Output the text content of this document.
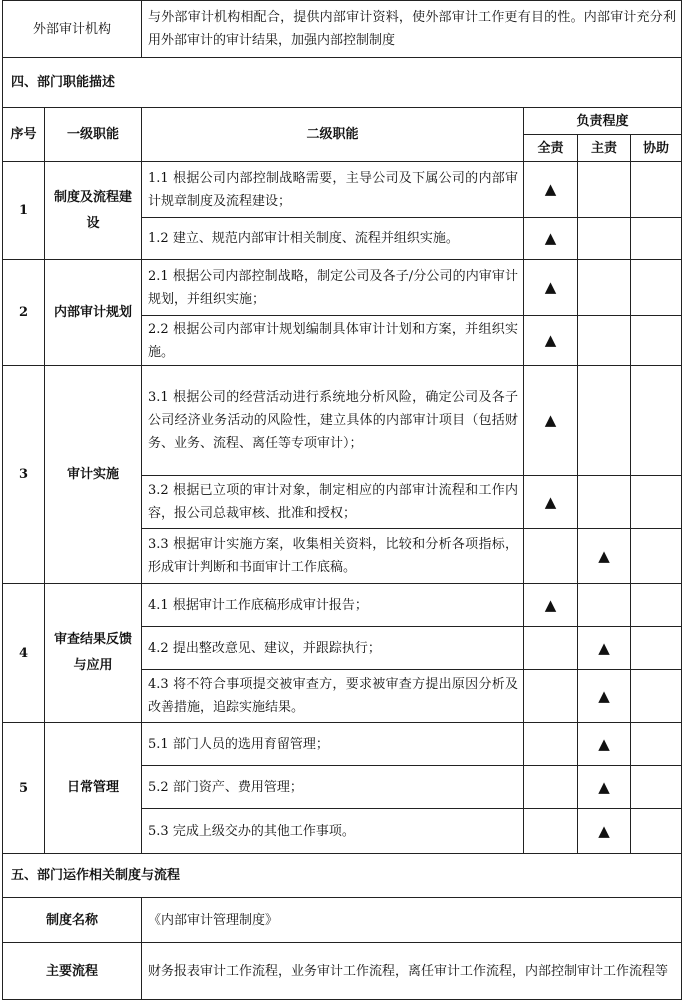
外部审计机构		与外部审计机构相配合，提供内部审计资料，使外部审计工作更有目的性。内部审计充分利用外部审计的审计结果，加强内部控制制度			
四、部门职能描述					
序号	一级职能	二级职能	负责程度		
			全责	主责	协助
1	制度及流程建设	1.1 根据公司内部控制战略需要，主导公司及下属公司的内部审计规章制度及流程建设；	▲		
		1.2 建立、规范内部审计相关制度、流程并组织实施。	▲		
2	内部审计规划	2.1 根据公司内部控制战略，制定公司及各子/分公司的内审审计规划，并组织实施；	▲		
		2.2 根据公司内部审计规划编制具体审计计划和方案，并组织实施。	▲		
3	审计实施	3.1 根据公司的经营活动进行系统地分析风险，确定公司及各子公司经济业务活动的风险性，建立具体的内部审计项目（包括财务、业务、流程、离任等专项审计）；	▲		
		3.2 根据已立项的审计对象，制定相应的内部审计流程和工作内容，报公司总裁审核、批准和授权；	▲		
		3.3 根据审计实施方案，收集相关资料，比较和分析各项指标，形成审计判断和书面审计工作底稿。		▲	
4	审查结果反馈与应用	4.1 根据审计工作底稿形成审计报告；	▲		
		4.2 提出整改意见、建议，并跟踪执行；		▲	
		4.3 将不符合事项提交被审查方，要求被审查方提出原因分析及改善措施，追踪实施结果。		▲	
5	日常管理	5.1 部门人员的选用育留管理；		▲	
		5.2 部门资产、费用管理；		▲	
		5.3 完成上级交办的其他工作事项。		▲	
五、部门运作相关制度与流程					
制度名称		《内部审计管理制度》			
主要流程		财务报表审计工作流程，业务审计工作流程，离任审计工作流程，内部控制审计工作流程等			
